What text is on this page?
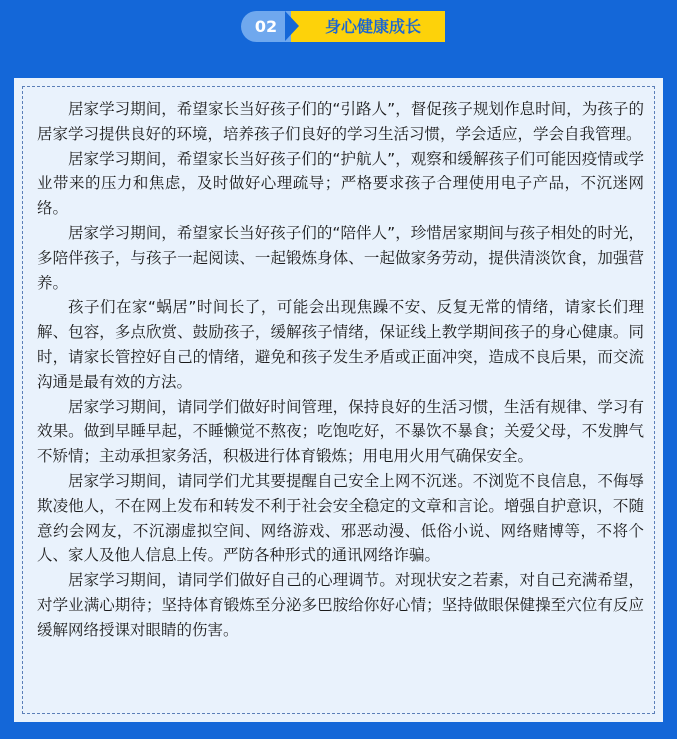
02	身心健康成长

居家学习期间，希望家长当好孩子们的“引路人”，督促孩子规划作息时间，为孩子的居家学习提供良好的环境，培养孩子们良好的学习生活习惯，学会适应，学会自我管理。

居家学习期间，希望家长当好孩子们的“护航人”，观察和缓解孩子们可能因疫情或学业带来的压力和焦虑，及时做好心理疏导；严格要求孩子合理使用电子产品，不沉迷网络。

居家学习期间，希望家长当好孩子们的“陪伴人”，珍惜居家期间与孩子相处的时光，多陪伴孩子，与孩子一起阅读、一起锻炼身体、一起做家务劳动，提供清淡饮食，加强营养。

孩子们在家“蜗居”时间长了，可能会出现焦躁不安、反复无常的情绪，请家长们理解、包容，多点欣赏、鼓励孩子，缓解孩子情绪，保证线上教学期间孩子的身心健康。同时，请家长管控好自己的情绪，避免和孩子发生矛盾或正面冲突，造成不良后果，而交流沟通是最有效的方法。

居家学习期间，请同学们做好时间管理，保持良好的生活习惯，生活有规律、学习有效果。做到早睡早起，不睡懒觉不熬夜；吃饱吃好，不暴饮不暴食；关爱父母，不发脾气不矫情；主动承担家务活，积极进行体育锻炼；用电用火用气确保安全。

居家学习期间，请同学们尤其要提醒自己安全上网不沉迷。不浏览不良信息，不侮辱欺凌他人，不在网上发布和转发不利于社会安全稳定的文章和言论。增强自护意识，不随意约会网友，不沉溺虚拟空间、网络游戏、邪恶动漫、低俗小说、网络赌博等，不将个人、家人及他人信息上传。严防各种形式的通讯网络诈骗。

居家学习期间，请同学们做好自己的心理调节。对现状安之若素，对自己充满希望，对学业满心期待；坚持体育锻炼至分泌多巴胺给你好心情；坚持做眼保健操至穴位有反应缓解网络授课对眼睛的伤害。
